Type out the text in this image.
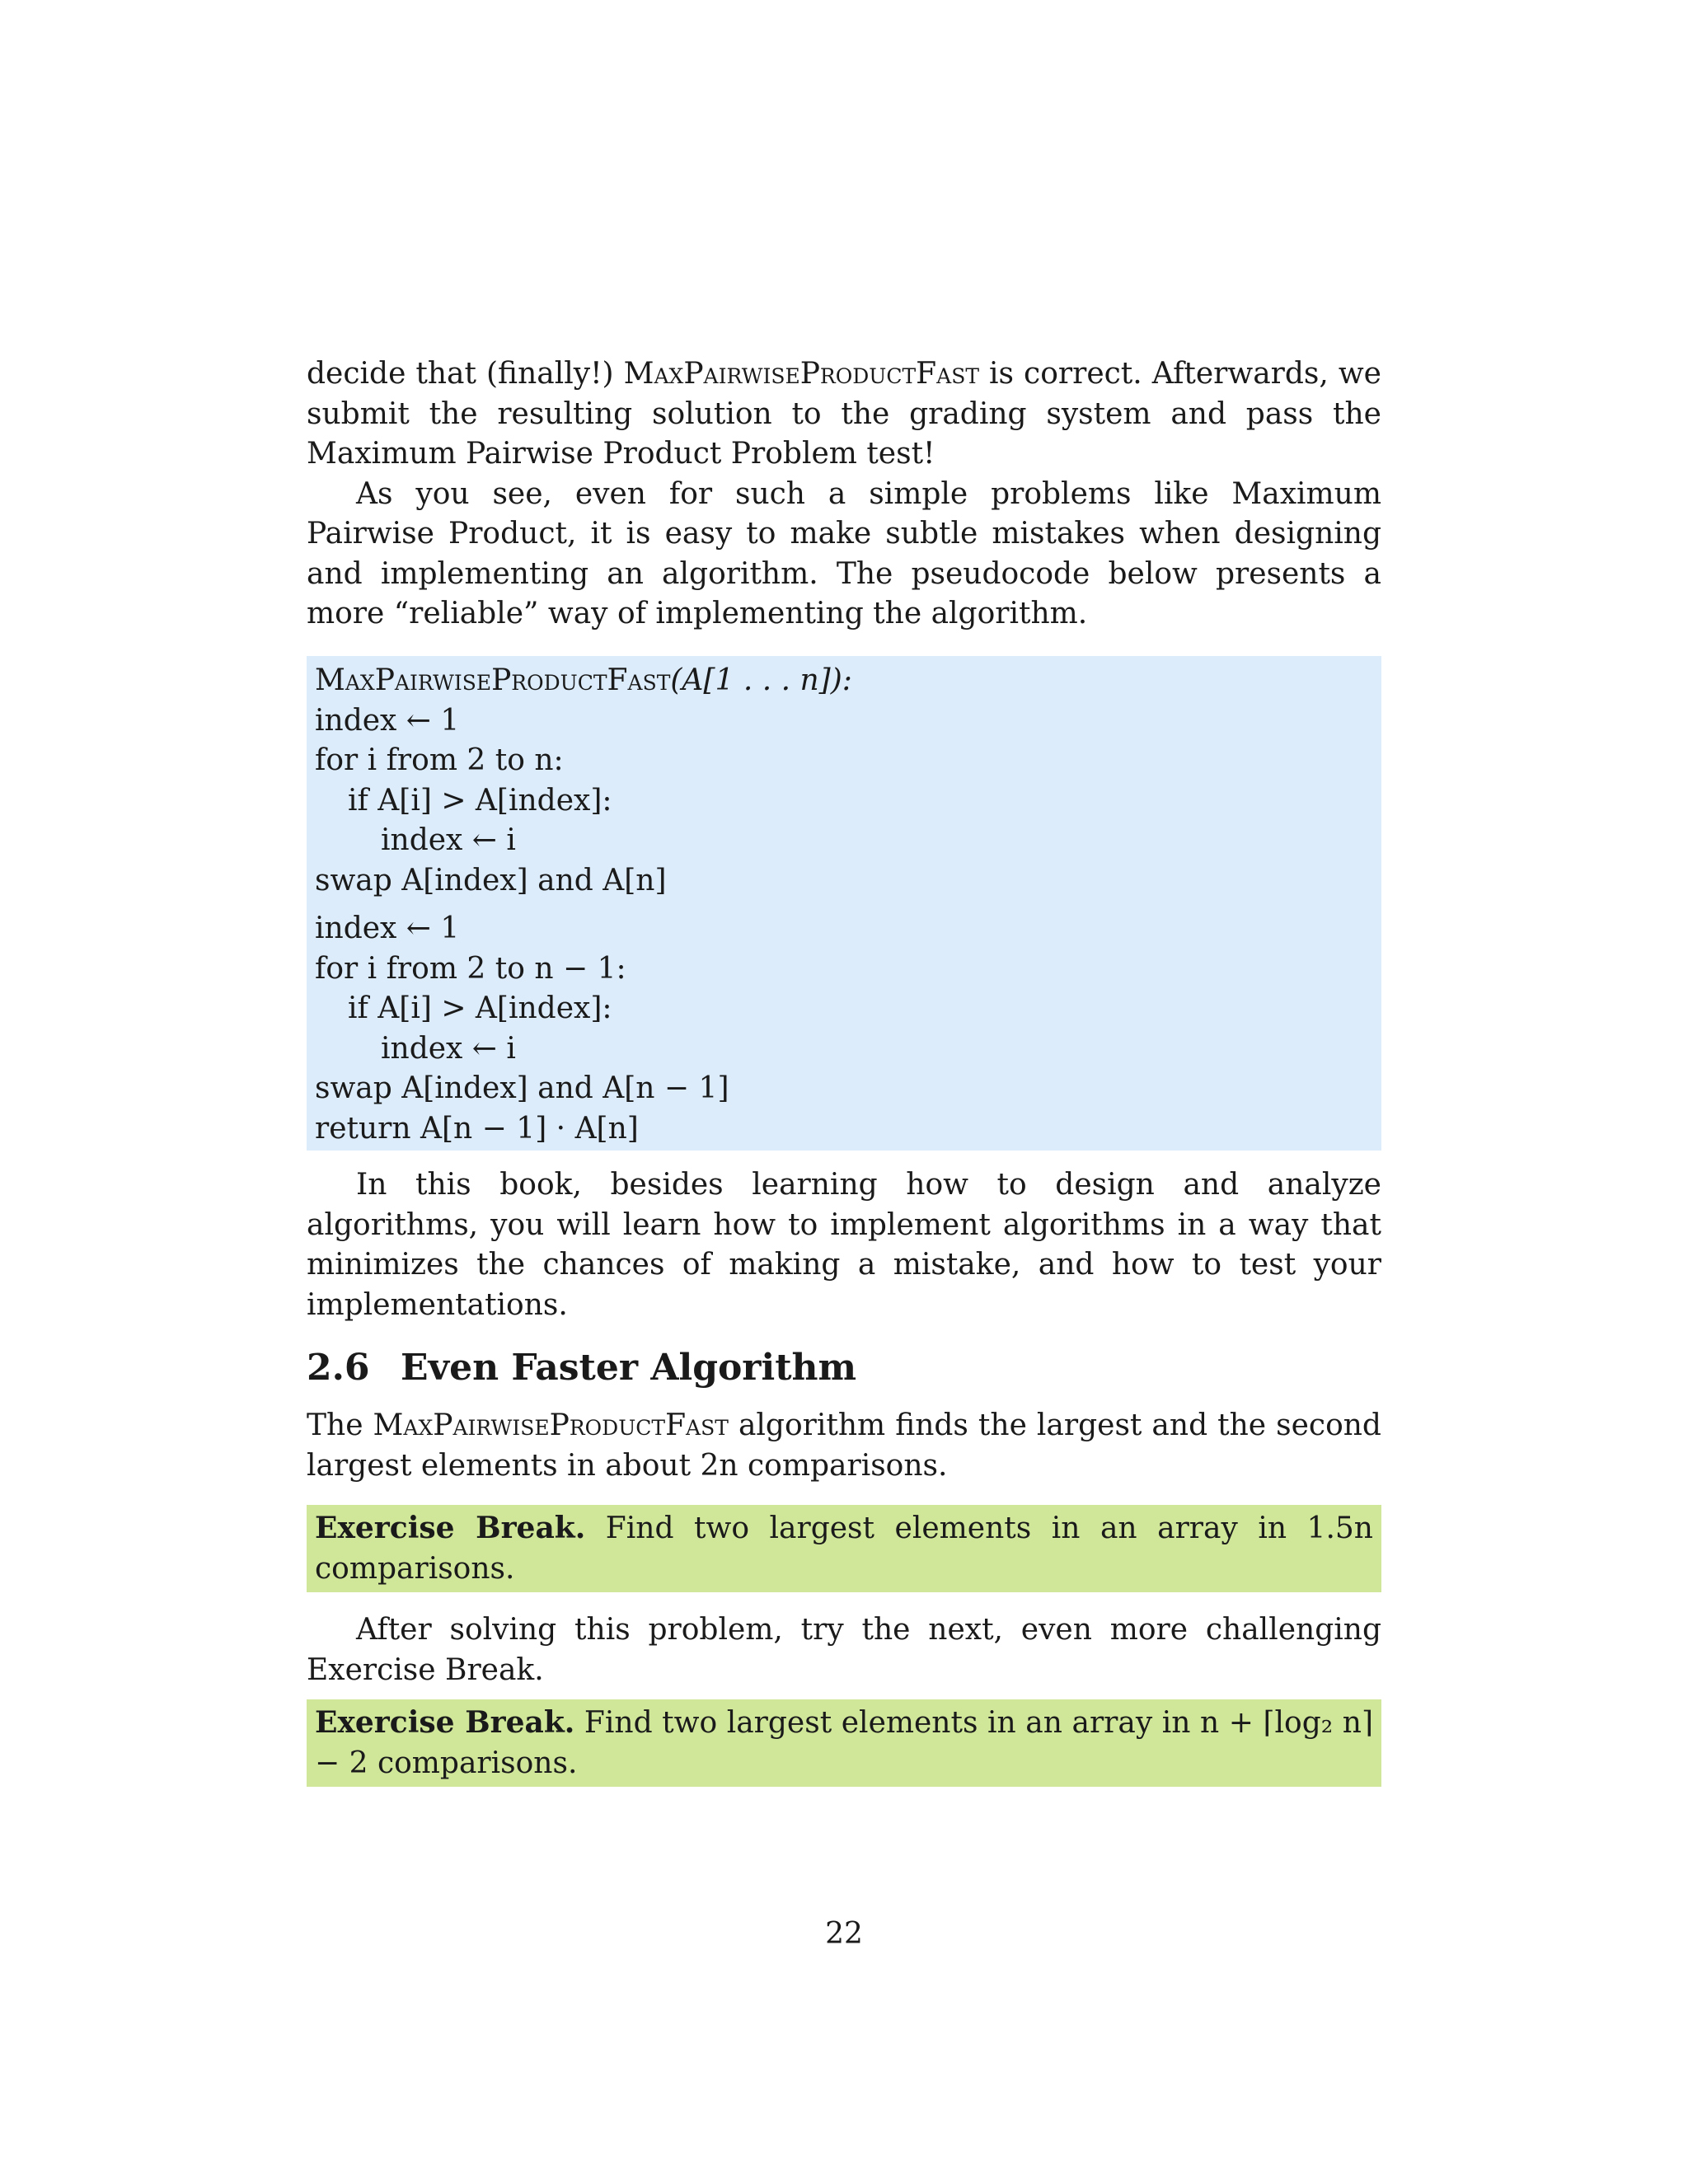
decide that (finally!) MaxPairwiseProductFast is correct. Afterwards, we submit the resulting solution to the grading system and pass the Maximum Pairwise Product Problem test!

As you see, even for such a simple problems like Maximum Pairwise Product, it is easy to make subtle mistakes when designing and implementing an algorithm. The pseudocode below presents a more “reliable” way of implementing the algorithm.

MaxPairwiseProductFast(A[1 . . . n]):
index ← 1
for i from 2 to n:
if A[i] > A[index]:
index ← i
swap A[index] and A[n]
index ← 1
for i from 2 to n − 1:
if A[i] > A[index]:
index ← i
swap A[index] and A[n − 1]
return A[n − 1] · A[n]

In this book, besides learning how to design and analyze algorithms, you will learn how to implement algorithms in a way that minimizes the chances of making a mistake, and how to test your implementations.

2.6 Even Faster Algorithm

The MaxPairwiseProductFast algorithm finds the largest and the second largest elements in about 2n comparisons.

Exercise Break. Find two largest elements in an array in 1.5n comparisons.

After solving this problem, try the next, even more challenging Exercise Break.

Exercise Break. Find two largest elements in an array in n + ⌈log₂ n⌉ − 2 comparisons.

22
